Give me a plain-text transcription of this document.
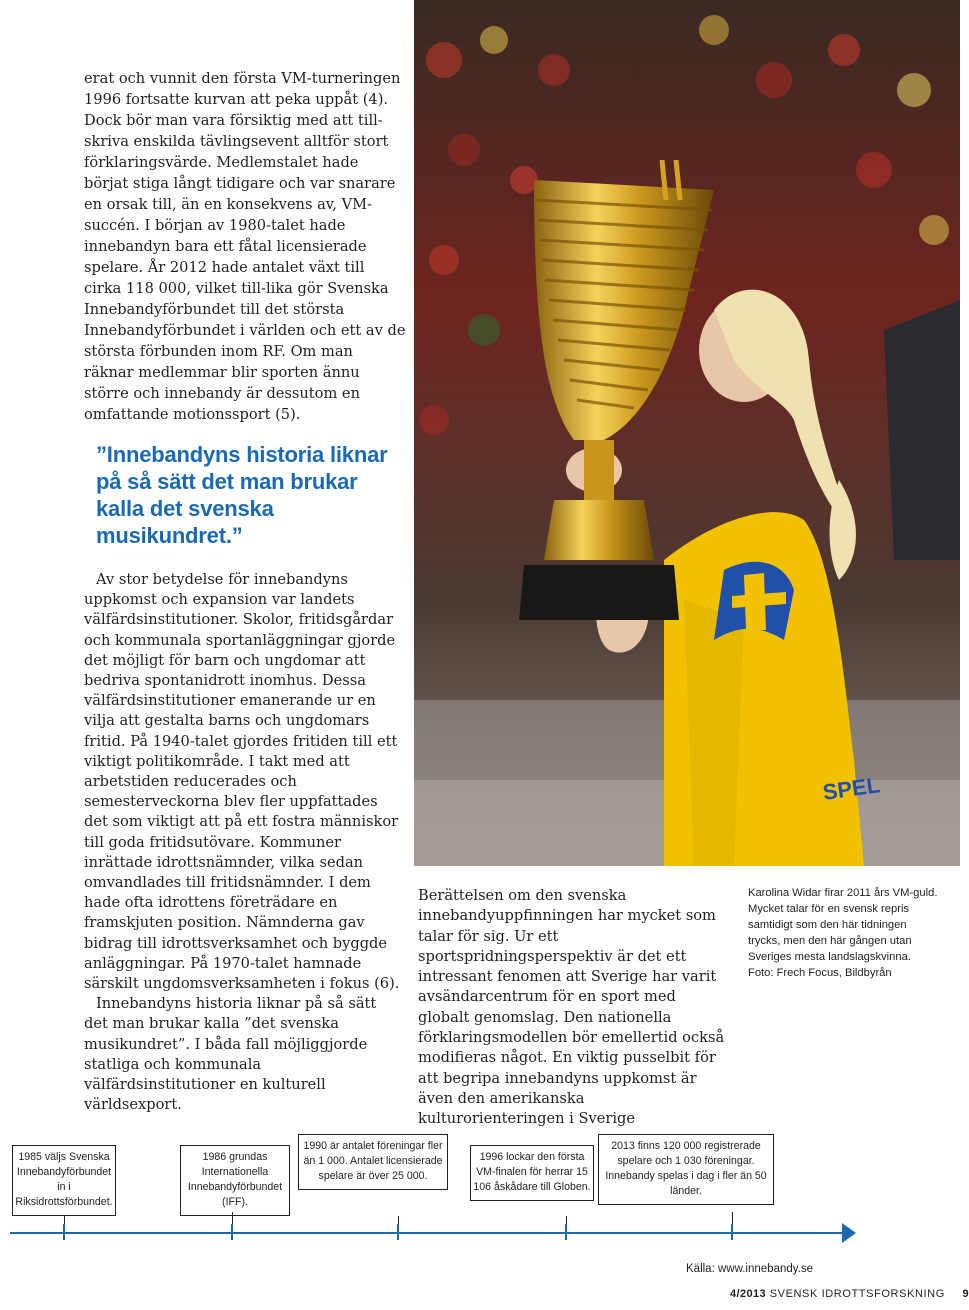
erat och vunnit den första VM-turneringen 1996 fortsatte kurvan att peka uppåt (4). Dock bör man vara försiktig med att till-skriva enskilda tävlingsevent alltför stort förklaringsvärde. Medlemstalet hade börjat stiga långt tidigare och var snarare en orsak till, än en konsekvens av, VM-succén. I början av 1980-talet hade innebandyn bara ett fåtal licensierade spelare. År 2012 hade antalet växt till cirka 118 000, vilket till-lika gör Svenska Innebandyförbundet till det största Innebandyförbundet i världen och ett av de största förbunden inom RF. Om man räknar medlemmar blir sporten ännu större och innebandy är dessutom en omfattande motionssport (5).

”Innebandyns historia liknar på så sätt det man brukar kalla det svenska musikundret.”

Av stor betydelse för innebandyns uppkomst och expansion var landets välfärdsinstitutioner. Skolor, fritidsgårdar och kommunala sportanläggningar gjorde det möjligt för barn och ungdomar att bedriva spontanidrott inomhus. Dessa välfärdsinstitutioner emanerande ur en vilja att gestalta barns och ungdomars fritid. På 1940-talet gjordes fritiden till ett viktigt politikområde. I takt med att arbetstiden reducerades och semesterveckorna blev fler uppfattades det som viktigt att på ett fostra människor till goda fritidsutövare. Kommuner inrättade idrottsnämnder, vilka sedan omvandlades till fritidsnämnder. I dem hade ofta idrottens företrädare en framskjuten position. Nämnderna gav bidrag till idrottsverksamhet och byggde anläggningar. På 1970-talet hamnade särskilt ungdomsverksamheten i fokus (6).

Innebandyns historia liknar på så sätt det man brukar kalla ”det svenska musikundret”. I båda fall möjliggjorde statliga och kommunala välfärdsinstitutioner en kulturell världsexport.

SPEL

Berättelsen om den svenska innebandyuppfinningen har mycket som talar för sig. Ur ett sportspridningsperspektiv är det ett intressant fenomen att Sverige har varit avsändarcentrum för en sport med globalt genomslag. Den nationella förklaringsmodellen bör emellertid också modifieras något. En viktig pusselbit för att begripa innebandyns uppkomst är även den amerikanska kulturorienteringen i Sverige

Karolina Widar firar 2011 års VM-guld. Mycket talar för en svensk repris samtidigt som den här tidningen trycks, men den här gången utan Sveriges mesta landslagskvinna.
Foto: Frech Focus, Bildbyrån
1985 väljs Svenska Innebandyförbundet in i Riksidrottsförbundet.
1986 grundas Internationella Innebandyförbundet (IFF).
1990 är antalet föreningar fler än 1 000. Antalet licensierade spelare är över 25 000.
1996 lockar den första VM-finalen för herrar 15 106 åskådare till Globen.
2013 finns 120 000 registrerade spelare och 1 030 föreningar. Innebandy spelas i dag i fler än 50 länder.
Källa: www.innebandy.se
4/2013 SVENSK IDROTTSFORSKNING 9
